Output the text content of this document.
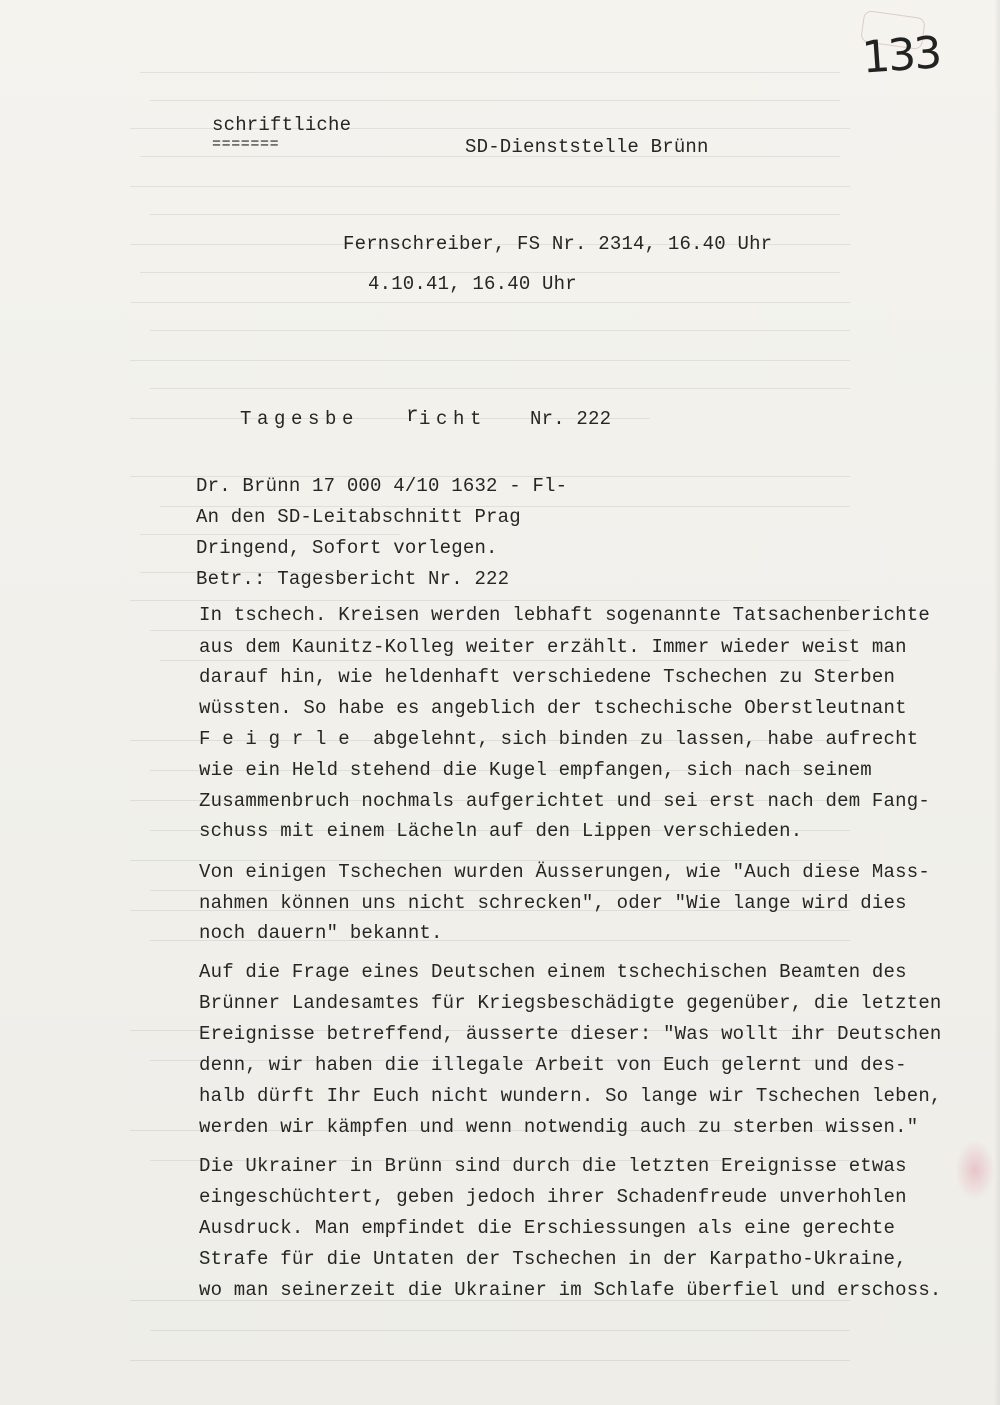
133
schriftliche
=======	SD-Dienststelle Brünn
Fernschreiber, FS Nr. 2314, 16.40 Uhr
4.10.41, 16.40 Uhr
Tagesbe r icht Nr. 222
Dr. Brünn 17 000 4/10 1632 - Fl-
An den SD-Leitabschnitt Prag
Dringend, Sofort vorlegen.
Betr.: Tagesbericht Nr. 222
In tschech. Kreisen werden lebhaft sogenannte Tatsachenberichte
aus dem Kaunitz-Kolleg weiter erzählt. Immer wieder weist man
darauf hin, wie heldenhaft verschiedene Tschechen zu Sterben
wüssten. So habe es angeblich der tschechische Oberstleutnant
F e i g r l e  abgelehnt, sich binden zu lassen, habe aufrecht
wie ein Held stehend die Kugel empfangen, sich nach seinem
Zusammenbruch nochmals aufgerichtet und sei erst nach dem Fang-
schuss mit einem Lächeln auf den Lippen verschieden.
Von einigen Tschechen wurden Äusserungen, wie "Auch diese Mass-
nahmen können uns nicht schrecken", oder "Wie lange wird dies
noch dauern" bekannt.
Auf die Frage eines Deutschen einem tschechischen Beamten des
Brünner Landesamtes für Kriegsbeschädigte gegenüber, die letzten
Ereignisse betreffend, äusserte dieser: "Was wollt ihr Deutschen
denn, wir haben die illegale Arbeit von Euch gelernt und des-
halb dürft Ihr Euch nicht wundern. So lange wir Tschechen leben,
werden wir kämpfen und wenn notwendig auch zu sterben wissen."
Die Ukrainer in Brünn sind durch die letzten Ereignisse etwas
eingeschüchtert, geben jedoch ihrer Schadenfreude unverhohlen
Ausdruck. Man empfindet die Erschiessungen als eine gerechte
Strafe für die Untaten der Tschechen in der Karpatho-Ukraine,
wo man seinerzeit die Ukrainer im Schlafe überfiel und erschoss.
